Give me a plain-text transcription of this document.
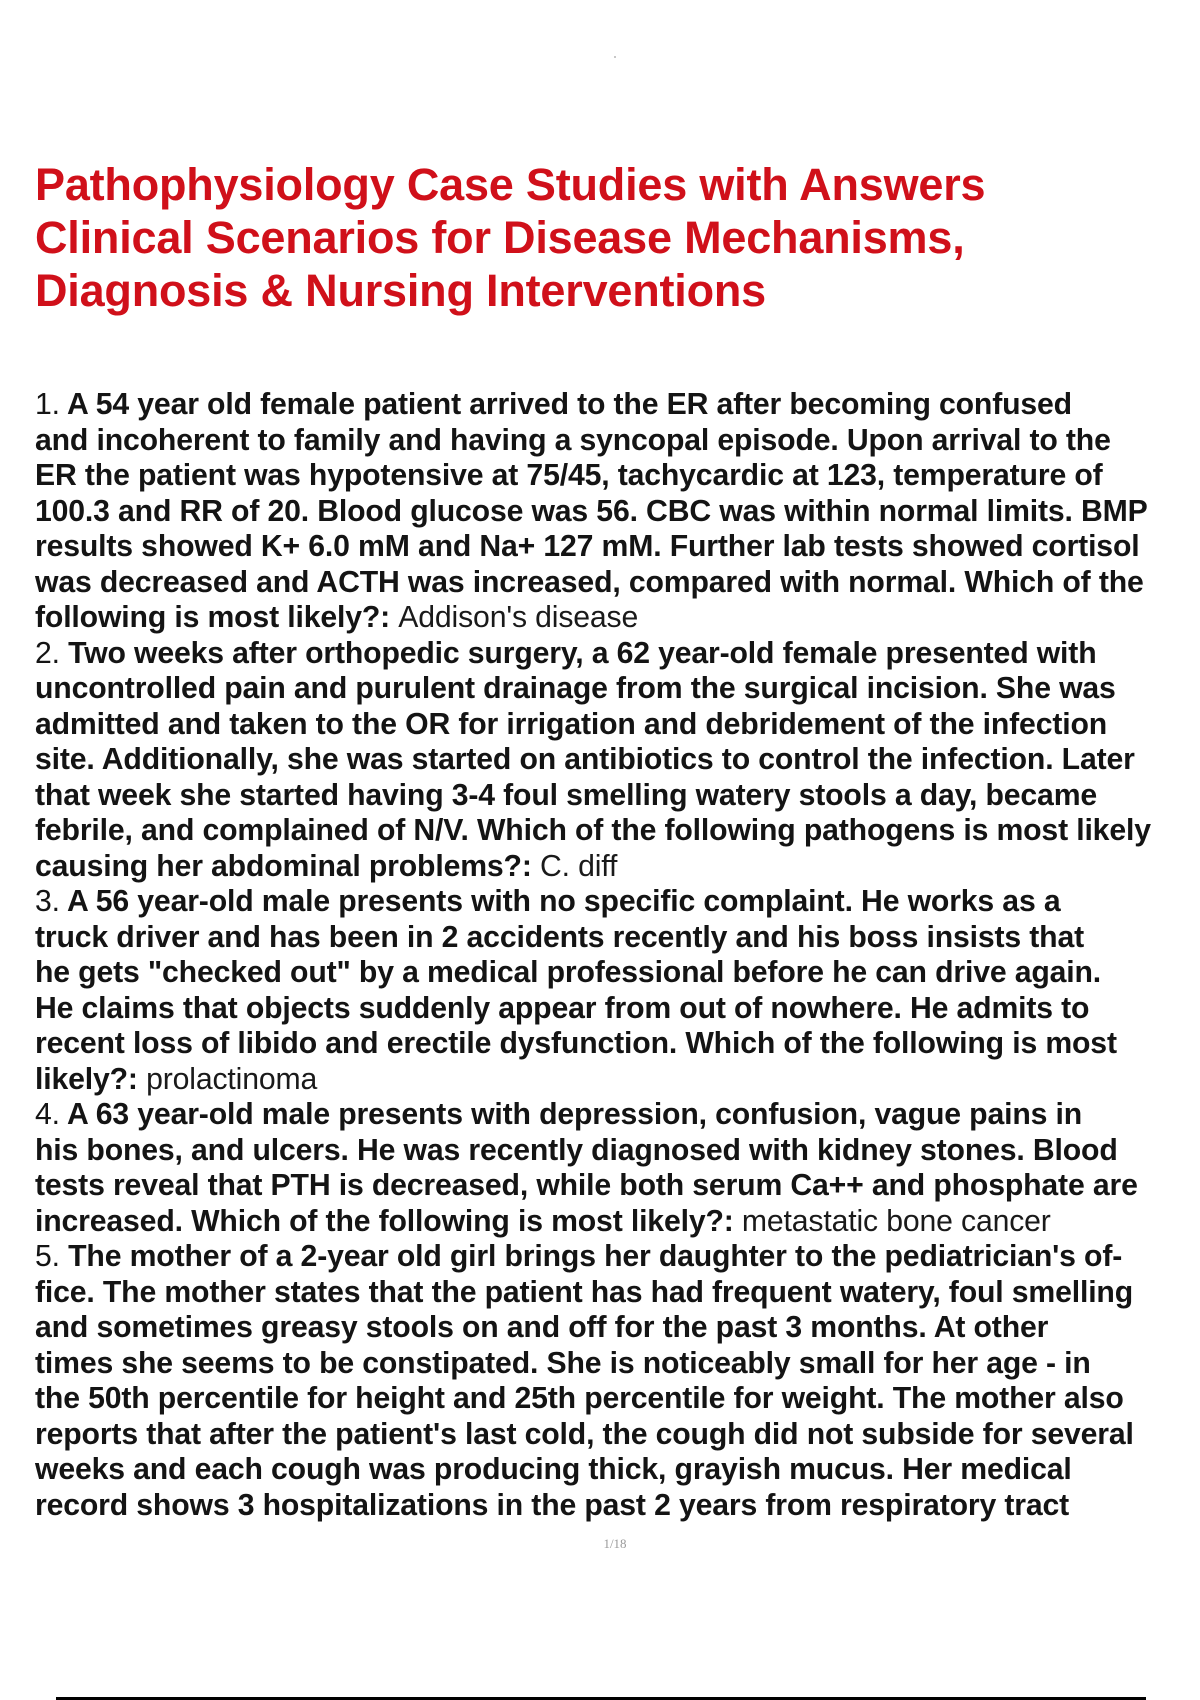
Pathophysiology Case Studies with Answers
Clinical Scenarios for Disease Mechanisms,
Diagnosis & Nursing Interventions
1. A 54 year old female patient arrived to the ER after becoming confused
and incoherent to family and having a syncopal episode. Upon arrival to the
ER the patient was hypotensive at 75/45, tachycardic at 123, temperature of
100.3 and RR of 20. Blood glucose was 56. CBC was within normal limits. BMP
results showed K+ 6.0 mM and Na+ 127 mM. Further lab tests showed cortisol
was decreased and ACTH was increased, compared with normal. Which of the
following is most likely?: Addison's disease
2. Two weeks after orthopedic surgery, a 62 year-old female presented with
uncontrolled pain and purulent drainage from the surgical incision. She was
admitted and taken to the OR for irrigation and debridement of the infection
site. Additionally, she was started on antibiotics to control the infection. Later
that week she started having 3-4 foul smelling watery stools a day, became
febrile, and complained of N/V. Which of the following pathogens is most likely
causing her abdominal problems?: C. diff
3. A 56 year-old male presents with no specific complaint. He works as a
truck driver and has been in 2 accidents recently and his boss insists that
he gets "checked out" by a medical professional before he can drive again.
He claims that objects suddenly appear from out of nowhere. He admits to
recent loss of libido and erectile dysfunction. Which of the following is most
likely?: prolactinoma
4. A 63 year-old male presents with depression, confusion, vague pains in
his bones, and ulcers. He was recently diagnosed with kidney stones. Blood
tests reveal that PTH is decreased, while both serum Ca++ and phosphate are
increased. Which of the following is most likely?: metastatic bone cancer
5. The mother of a 2-year old girl brings her daughter to the pediatrician's of-
fice. The mother states that the patient has had frequent watery, foul smelling
and sometimes greasy stools on and off for the past 3 months. At other
times she seems to be constipated. She is noticeably small for her age - in
the 50th percentile for height and 25th percentile for weight. The mother also
reports that after the patient's last cold, the cough did not subside for several
weeks and each cough was producing thick, grayish mucus. Her medical
record shows 3 hospitalizations in the past 2 years from respiratory tract
1/18
